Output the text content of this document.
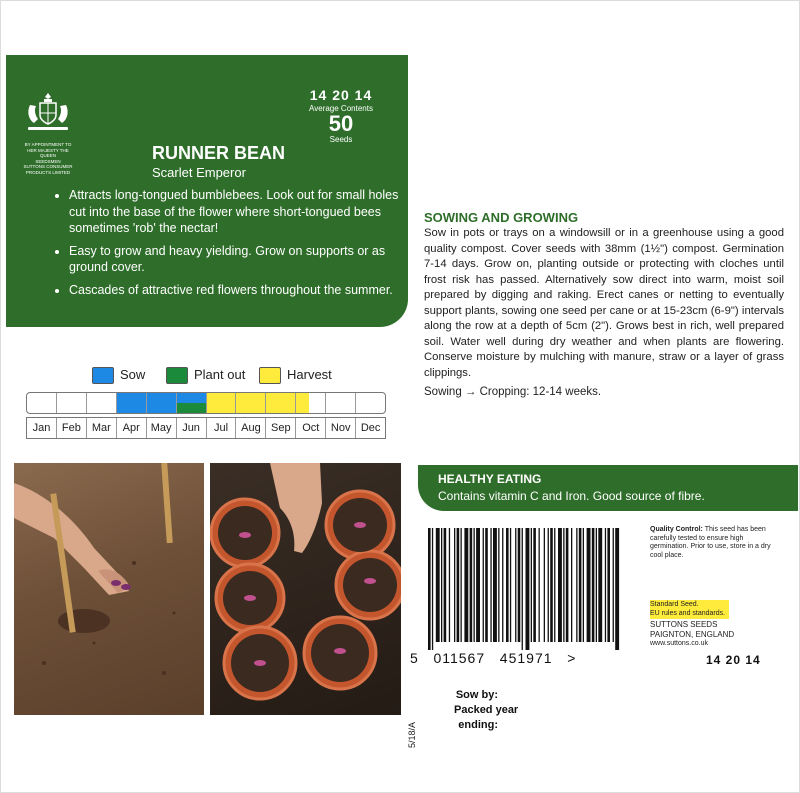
BY APPOINTMENT TO
HER MAJESTY THE QUEEN
SEEDSMEN
SUTTONS CONSUMER
PRODUCTS LIMITED
14 20 14
Average Contents
50
Seeds
RUNNER BEAN
Scarlet Emperor
• Attracts long-tongued bumblebees. Look out for small holes cut into the base of the flower where short-tongued bees sometimes 'rob' the nectar!
• Easy to grow and heavy yielding. Grow on supports or as ground cover.
• Cascades of attractive red flowers throughout the summer.
Sow	Plant out	Harvest
Jan	Feb Mar	Apr May Jun	Jul	Aug Sep	Oct	Nov Dec
SOWING AND GROWING
Sow in pots or trays on a windowsill or in a greenhouse using a good quality compost. Cover seeds with 38mm (1½") compost. Germination 7-14 days. Grow on, planting outside or protecting with cloches until frost risk has passed. Alternatively sow direct into warm, moist soil prepared by digging and raking. Erect canes or netting to eventually support plants, sowing one seed per cane or at 15-23cm (6-9") intervals along the row at a depth of 5cm (2"). Grows best in rich, well prepared soil. Water well during dry weather and when plants are flowering. Conserve moisture by mulching with manure, straw or a layer of grass clippings.
Sowing → Cropping: 12-14 weeks.
HEALTHY EATING
Contains vitamin C and Iron. Good source of fibre.
5   011567   451971   >
Quality Control: This seed has been carefully tested to ensure high germination. Prior to use, store in a dry cool place.
Standard Seed.
EU rules and standards.
SUTTONS SEEDS
PAIGNTON, ENGLAND
www.suttons.co.uk
14 20 14
5/18/A
Sow by:
Packed year
ending:
